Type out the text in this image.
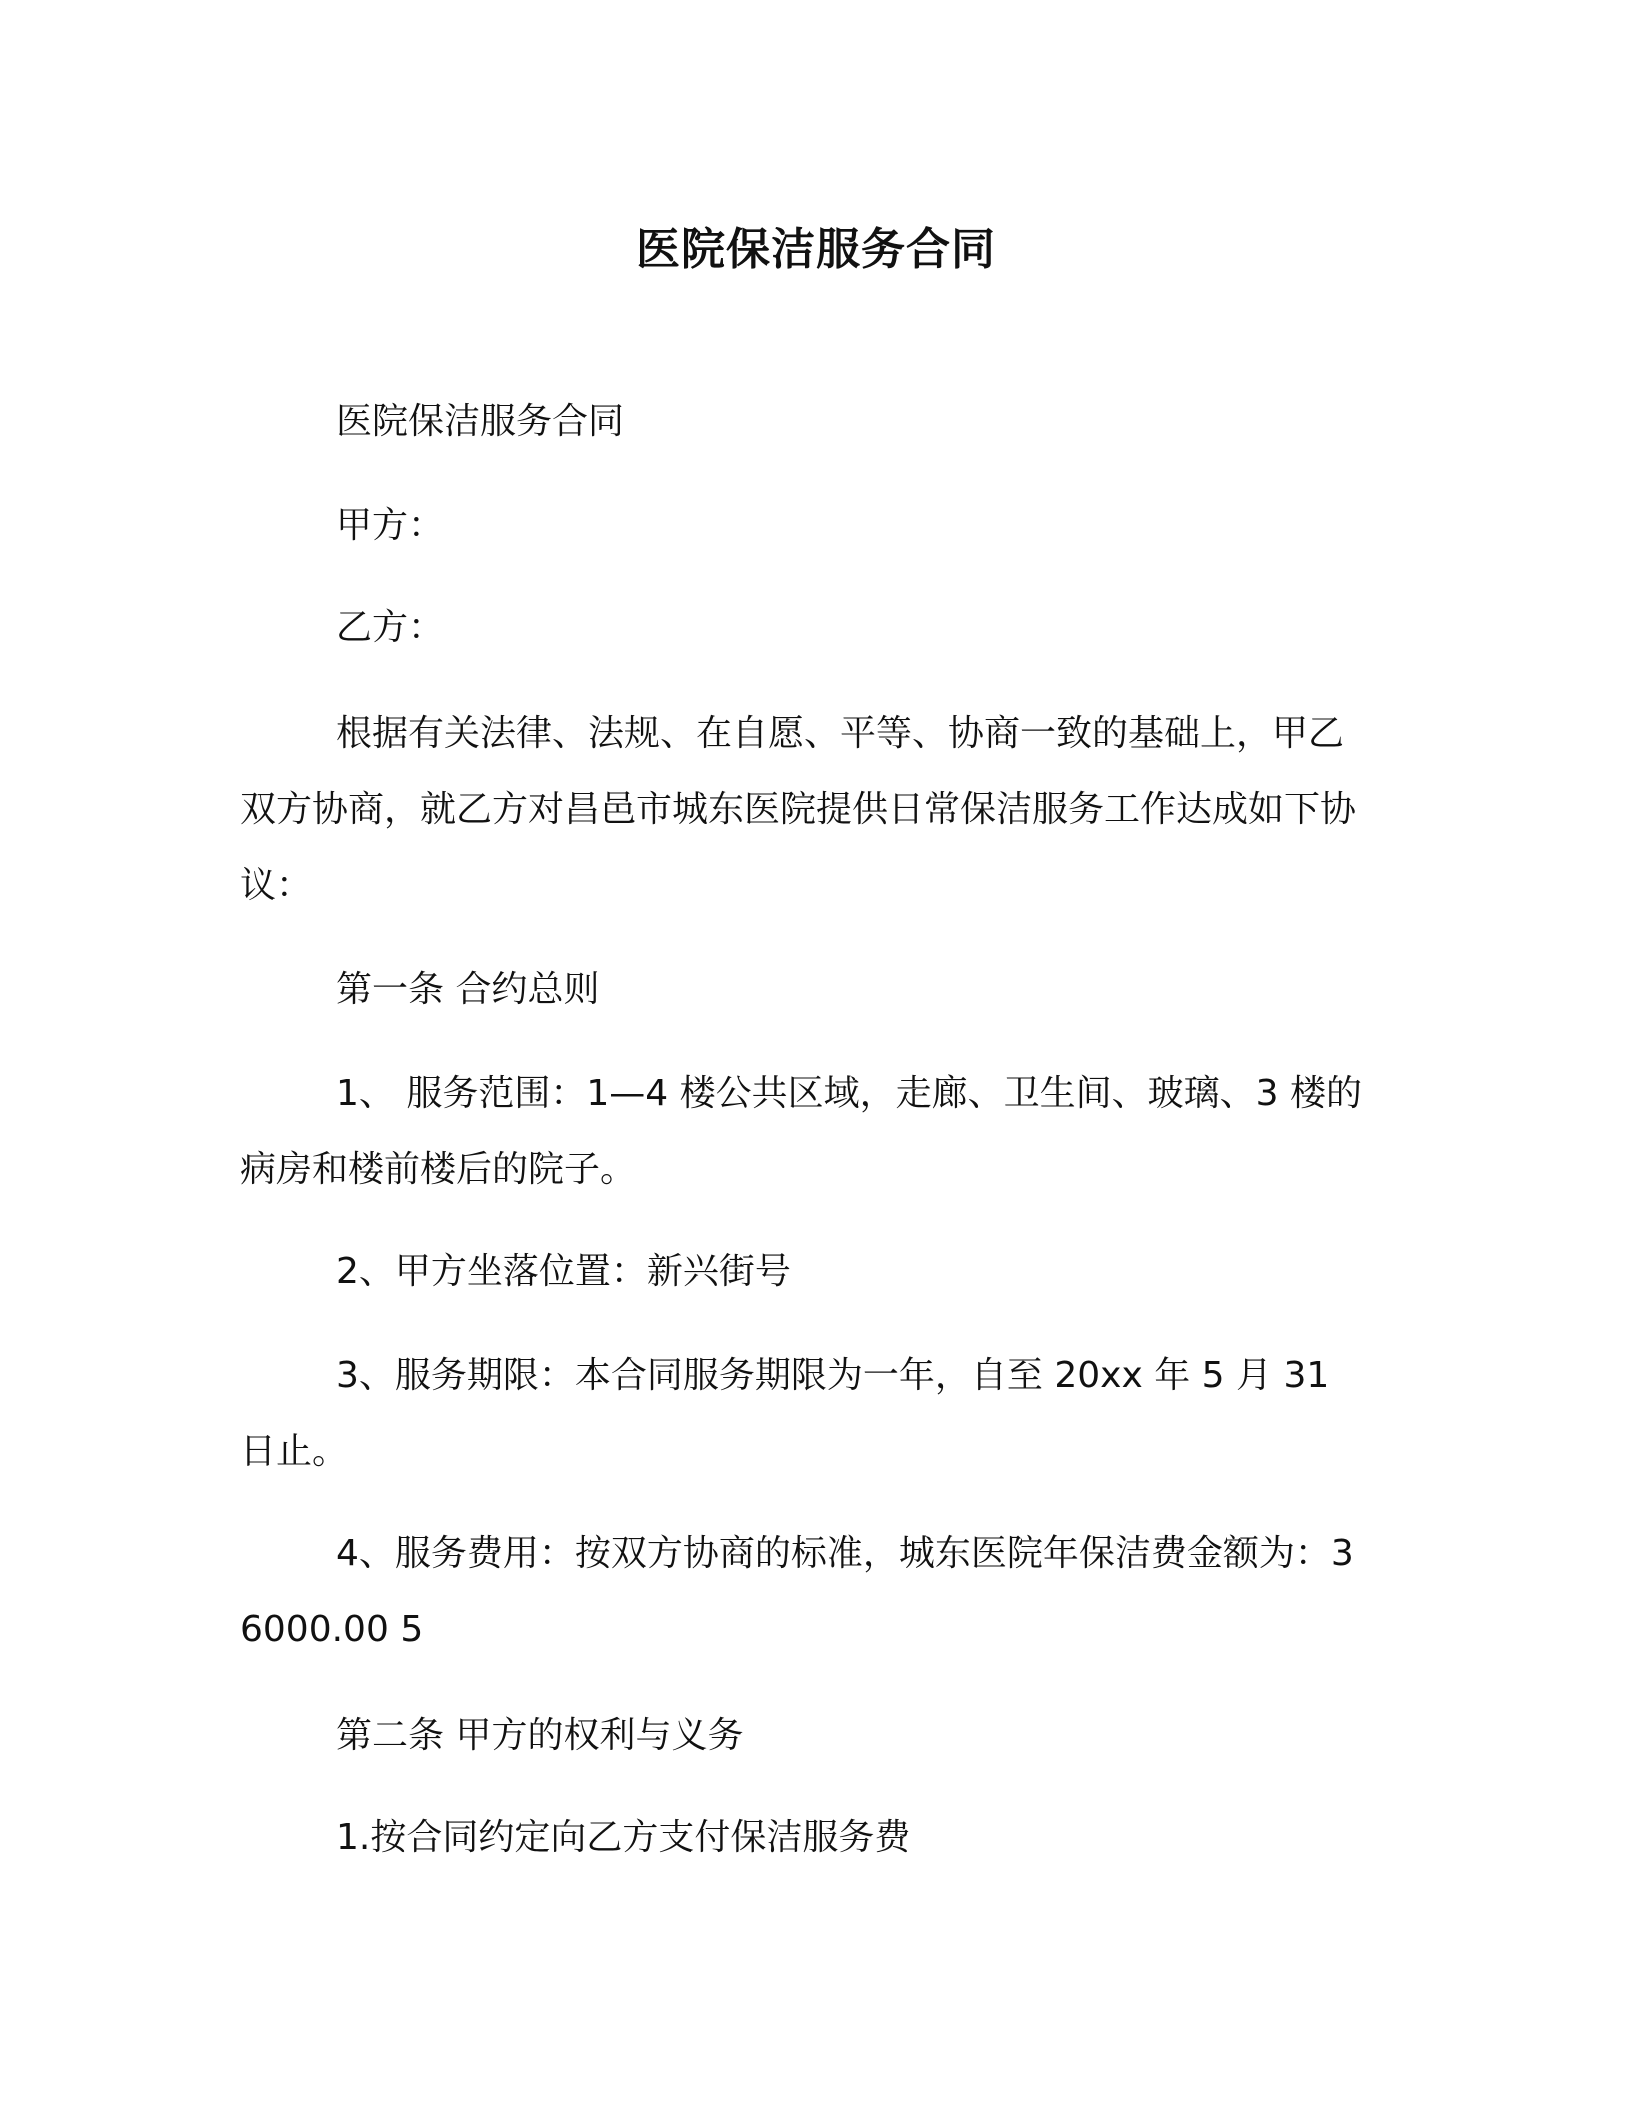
医院保洁服务合同
医院保洁服务合同
甲方：
乙方：
根据有关法律、法规、在自愿、平等、协商一致的基础上，甲乙双方协商，就乙方对昌邑市城东医院提供日常保洁服务工作达成如下协议：
第一条 合约总则
1、 服务范围：1—4 楼公共区域，走廊、卫生间、玻璃、3 楼的病房和楼前楼后的院子。
2、甲方坐落位置：新兴街号
3、服务期限：本合同服务期限为一年，自至 20xx 年 5 月 31 日止。
4、服务费用：按双方协商的标准，城东医院年保洁费金额为：36000.00 5
第二条 甲方的权利与义务
1.按合同约定向乙方支付保洁服务费
